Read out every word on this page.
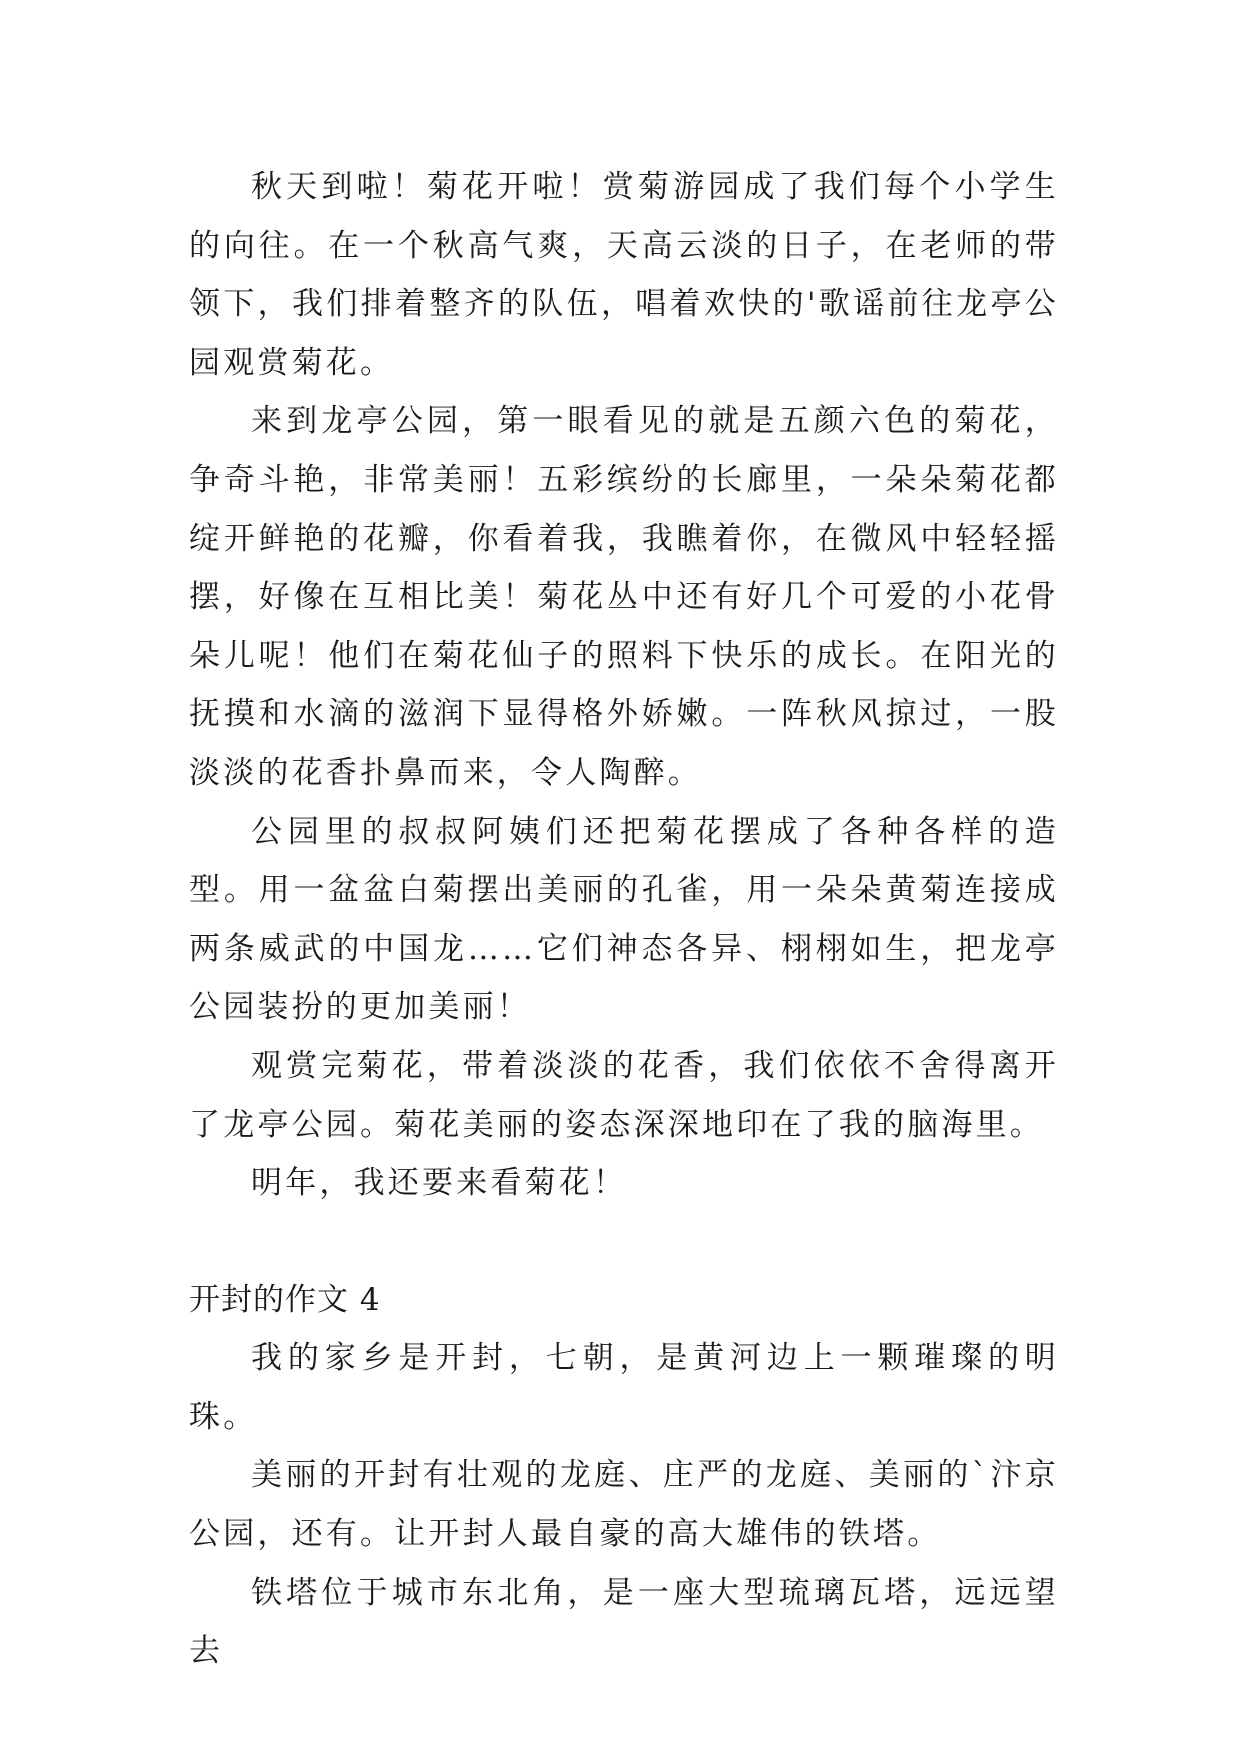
秋天到啦！菊花开啦！赏菊游园成了我们每个小学生的向往。在一个秋高气爽，天高云淡的日子，在老师的带领下，我们排着整齐的队伍，唱着欢快的'歌谣前往龙亭公园观赏菊花。

来到龙亭公园，第一眼看见的就是五颜六色的菊花，争奇斗艳，非常美丽！五彩缤纷的长廊里，一朵朵菊花都绽开鲜艳的花瓣，你看着我，我瞧着你，在微风中轻轻摇摆，好像在互相比美！菊花丛中还有好几个可爱的小花骨朵儿呢！他们在菊花仙子的照料下快乐的成长。在阳光的抚摸和水滴的滋润下显得格外娇嫩。一阵秋风掠过，一股淡淡的花香扑鼻而来，令人陶醉。

公园里的叔叔阿姨们还把菊花摆成了各种各样的造型。用一盆盆白菊摆出美丽的孔雀，用一朵朵黄菊连接成两条威武的中国龙……它们神态各异、栩栩如生，把龙亭公园装扮的更加美丽！

观赏完菊花，带着淡淡的花香，我们依依不舍得离开了龙亭公园。菊花美丽的姿态深深地印在了我的脑海里。

明年，我还要来看菊花！

开封的作文 4

我的家乡是开封，七朝，是黄河边上一颗璀璨的明珠。

美丽的开封有壮观的龙庭、庄严的龙庭、美丽的`汴京公园，还有。让开封人最自豪的高大雄伟的铁塔。

铁塔位于城市东北角，是一座大型琉璃瓦塔，远远望去
